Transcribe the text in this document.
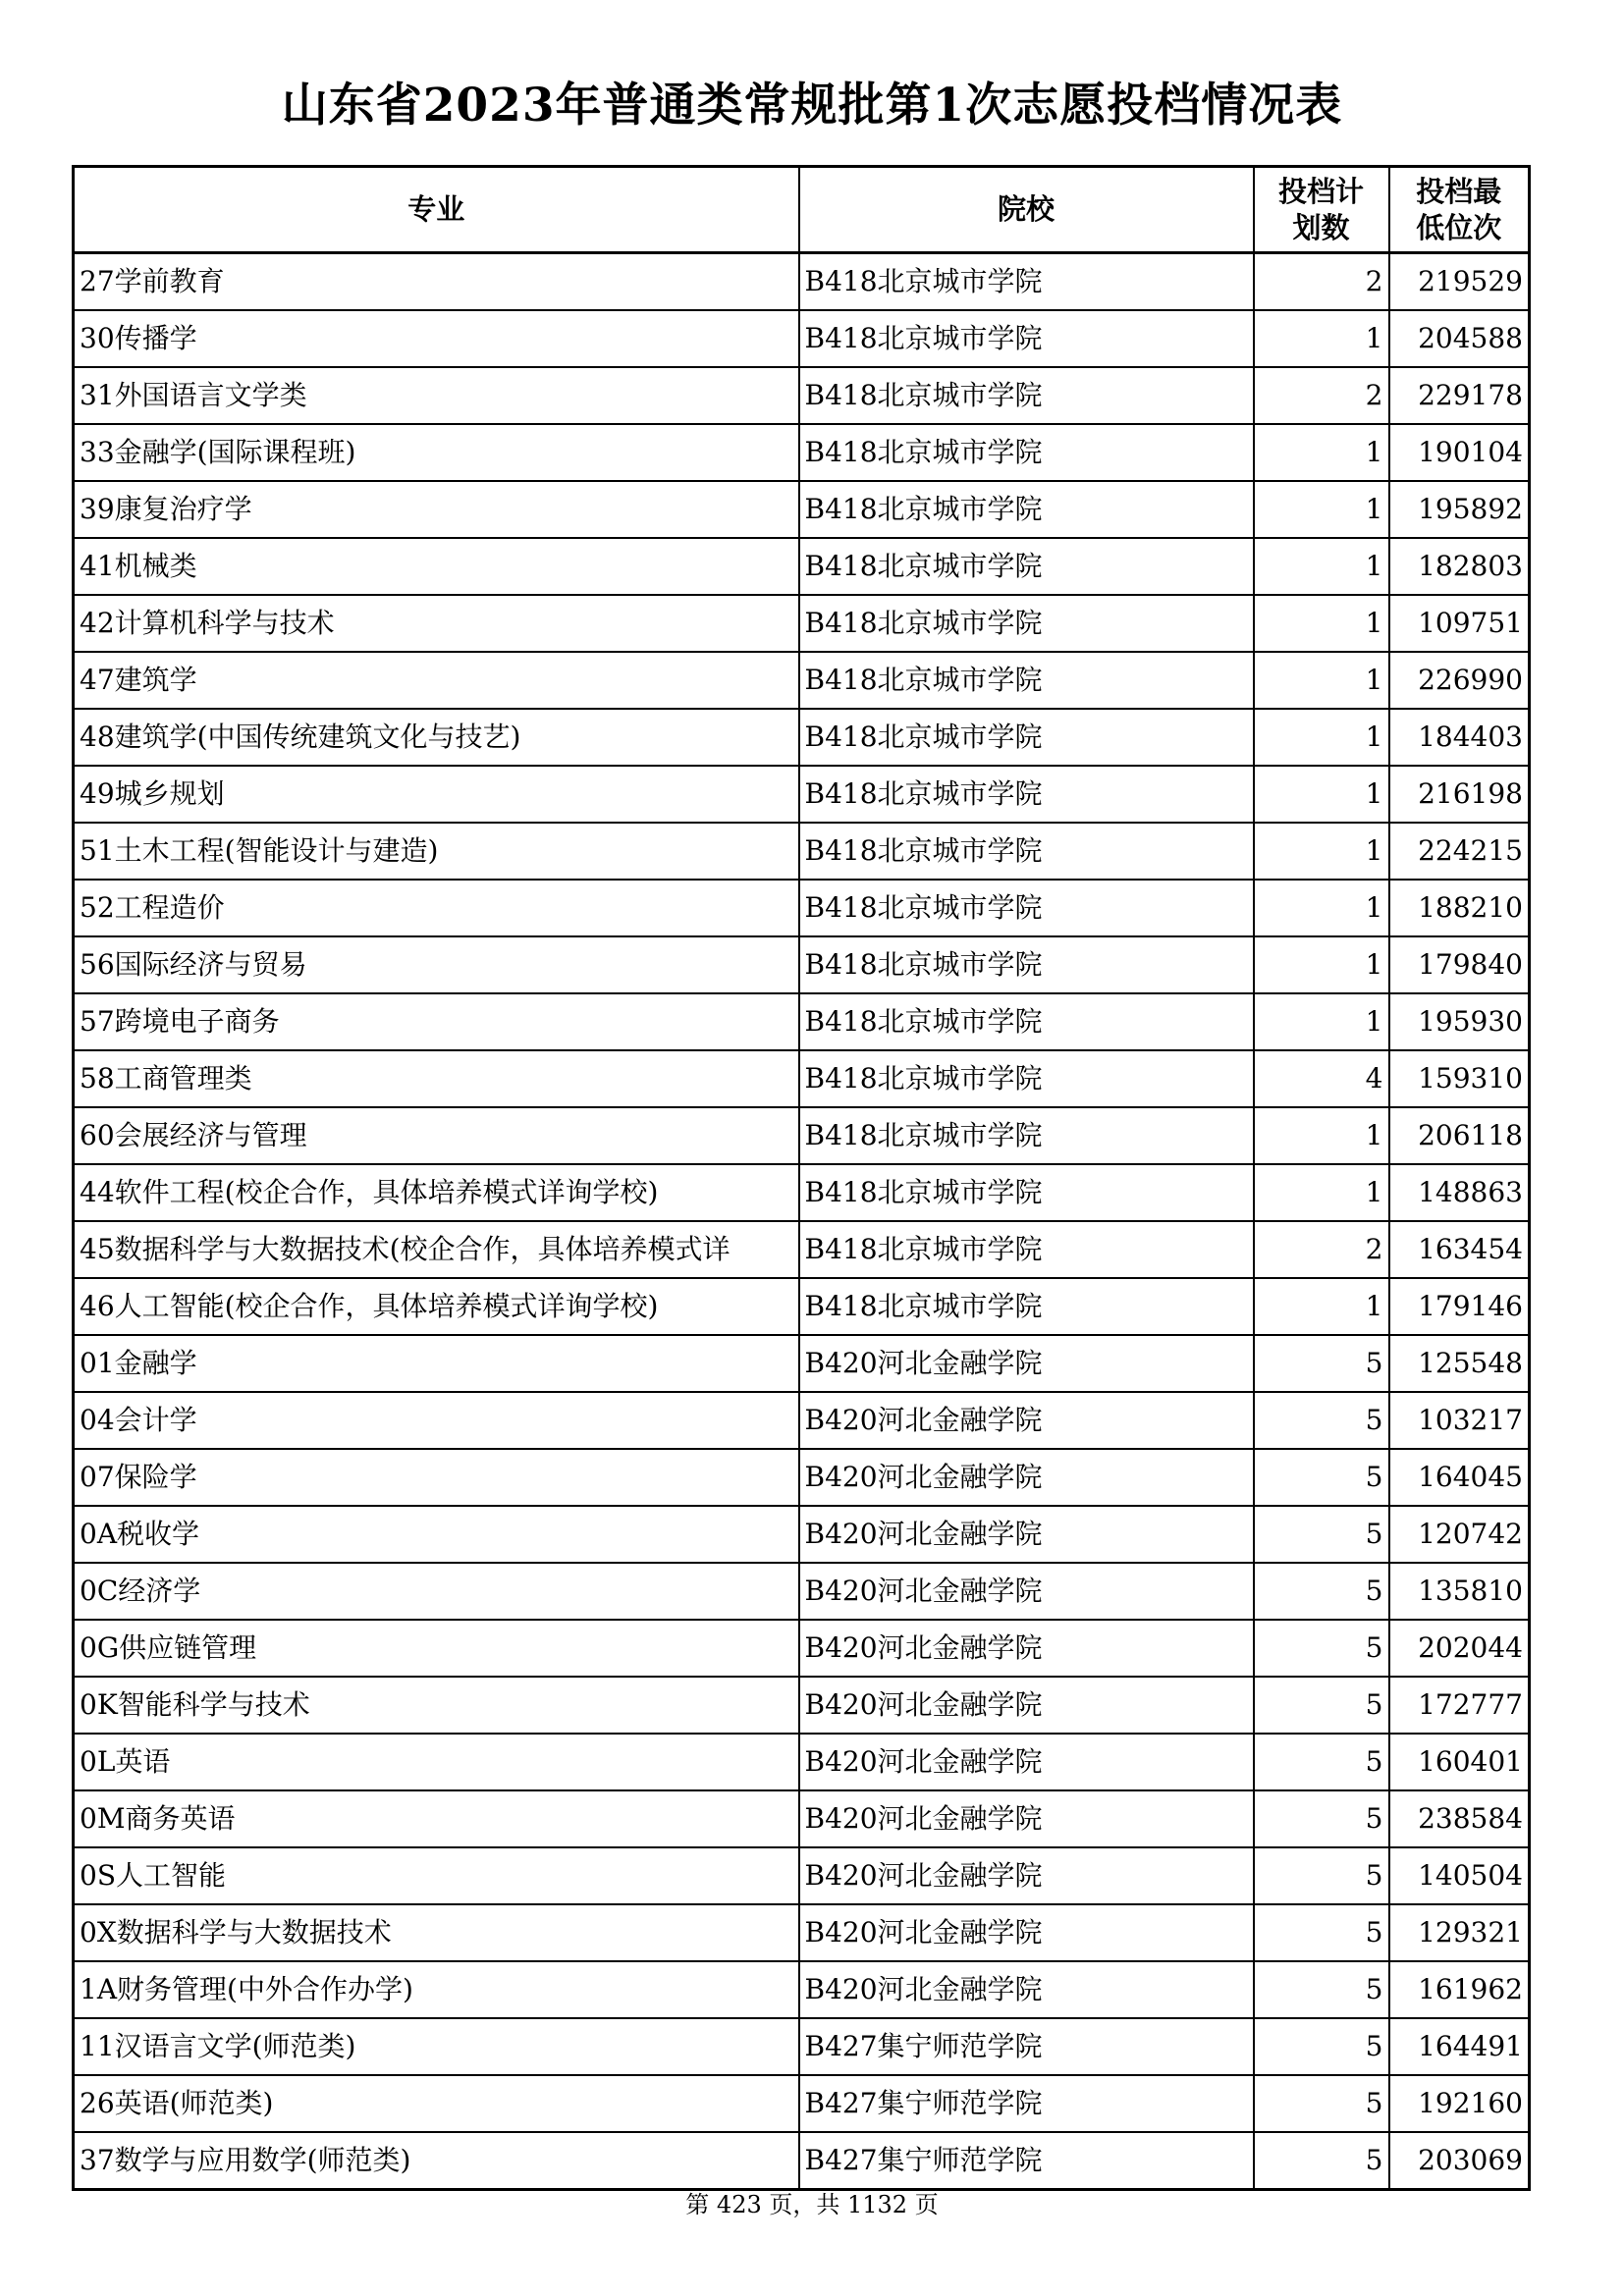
山东省2023年普通类常规批第1次志愿投档情况表
专业	院校	投档计划数	投档最低位次
27学前教育	B418北京城市学院	2	219529
30传播学	B418北京城市学院	1	204588
31外国语言文学类	B418北京城市学院	2	229178
33金融学(国际课程班)	B418北京城市学院	1	190104
39康复治疗学	B418北京城市学院	1	195892
41机械类	B418北京城市学院	1	182803
42计算机科学与技术	B418北京城市学院	1	109751
47建筑学	B418北京城市学院	1	226990
48建筑学(中国传统建筑文化与技艺)	B418北京城市学院	1	184403
49城乡规划	B418北京城市学院	1	216198
51土木工程(智能设计与建造)	B418北京城市学院	1	224215
52工程造价	B418北京城市学院	1	188210
56国际经济与贸易	B418北京城市学院	1	179840
57跨境电子商务	B418北京城市学院	1	195930
58工商管理类	B418北京城市学院	4	159310
60会展经济与管理	B418北京城市学院	1	206118
44软件工程(校企合作，具体培养模式详询学校)	B418北京城市学院	1	148863
45数据科学与大数据技术(校企合作，具体培养模式详	B418北京城市学院	2	163454
46人工智能(校企合作，具体培养模式详询学校)	B418北京城市学院	1	179146
01金融学	B420河北金融学院	5	125548
04会计学	B420河北金融学院	5	103217
07保险学	B420河北金融学院	5	164045
0A税收学	B420河北金融学院	5	120742
0C经济学	B420河北金融学院	5	135810
0G供应链管理	B420河北金融学院	5	202044
0K智能科学与技术	B420河北金融学院	5	172777
0L英语	B420河北金融学院	5	160401
0M商务英语	B420河北金融学院	5	238584
0S人工智能	B420河北金融学院	5	140504
0X数据科学与大数据技术	B420河北金融学院	5	129321
1A财务管理(中外合作办学)	B420河北金融学院	5	161962
11汉语言文学(师范类)	B427集宁师范学院	5	164491
26英语(师范类)	B427集宁师范学院	5	192160
37数学与应用数学(师范类)	B427集宁师范学院	5	203069
第 423 页，共 1132 页
